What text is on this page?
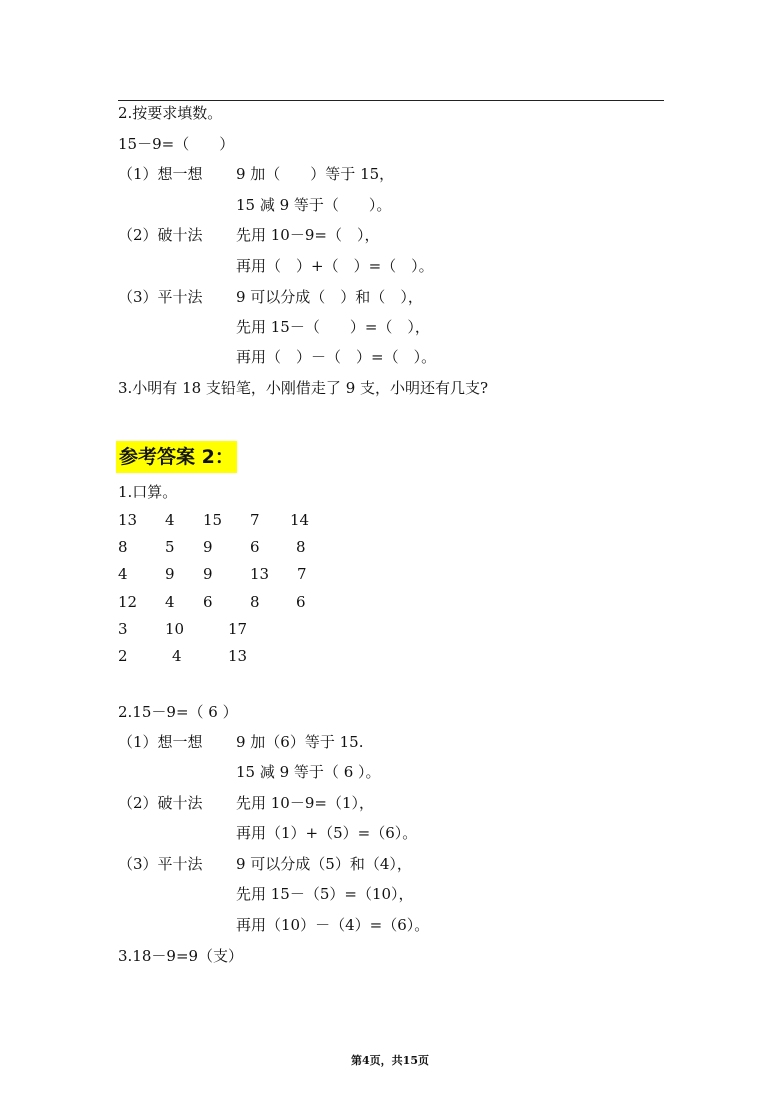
2.按要求填数。
15－9=（　　）
（1）想一想 9 加（　　）等于 15，
15 减 9 等于（　　）。
（2）破十法 先用 10－9=（　），
再用（　）+（　）=（　）。
（3）平十法 9 可以分成（　）和（　），
先用 15－（　　）=（　），
再用（　）－（　）=（　）。
3.小明有 18 支铅笔，小刚借走了 9 支，小明还有几支?
参考答案 2：
1.口算。
13 4 15 7 14
8 5 9 6 8
4 9 9 13 7
12 4 6 8 6
3 10	17
2	4	13
2.15－9=（ 6 ）
（1）想一想 9 加（6）等于 15.
15 减 9 等于（ 6 ）。
（2）破十法 先用 10－9=（1），
再用（1）+（5）=（6）。
（3）平十法 9 可以分成（5）和（4），
先用 15－（5）=（10），
再用（10）－（4）=（6）。
3.18－9=9（支）
第4页，共15页
